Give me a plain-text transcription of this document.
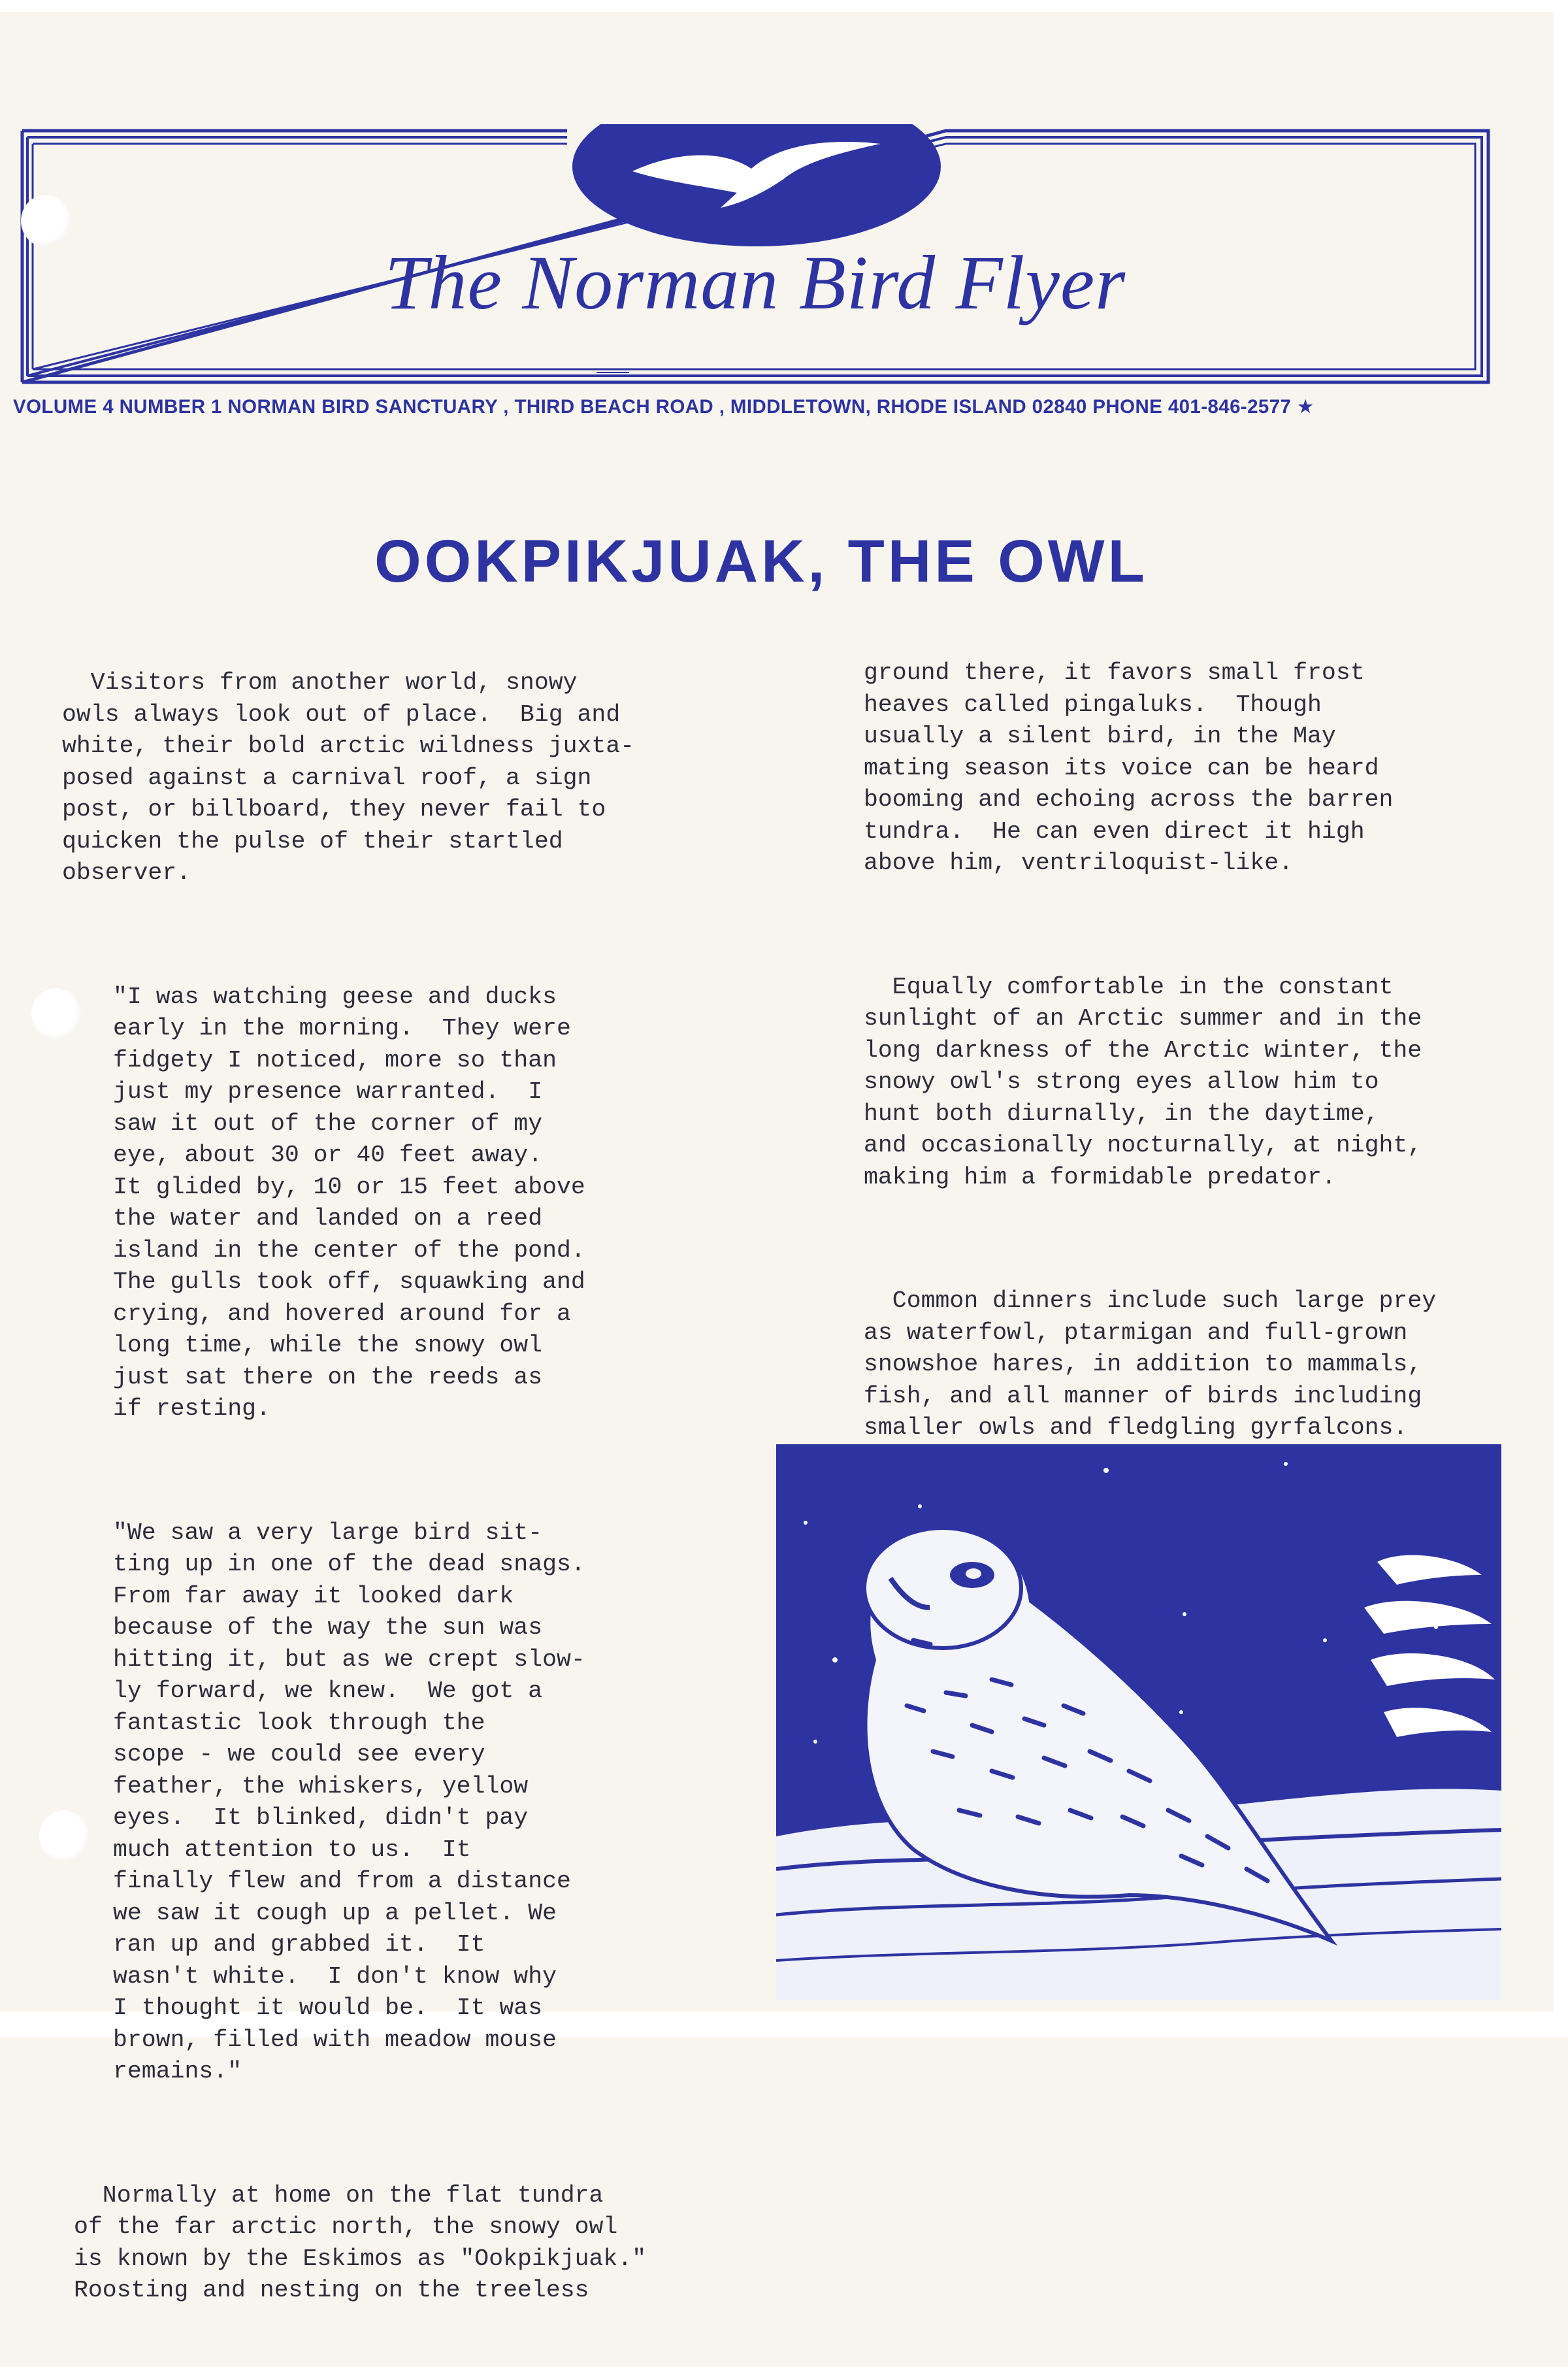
The Norman Bird Flyer
VOLUME 4 NUMBER 1 NORMAN BIRD SANCTUARY , THIRD BEACH ROAD , MIDDLETOWN, RHODE ISLAND 02840 PHONE 401-846-2577 ★
OOKPIKJUAK, THE OWL

Visitors from another world, snowy
owls always look out of place.  Big and
white, their bold arctic wildness juxta-
posed against a carnival roof, a sign
post, or billboard, they never fail to
quicken the pulse of their startled
observer.

"I was watching geese and ducks
early in the morning.  They were
fidgety I noticed, more so than
just my presence warranted.  I
saw it out of the corner of my
eye, about 30 or 40 feet away.
It glided by, 10 or 15 feet above
the water and landed on a reed
island in the center of the pond.
The gulls took off, squawking and
crying, and hovered around for a
long time, while the snowy owl
just sat there on the reeds as
if resting.

"We saw a very large bird sit-
ting up in one of the dead snags.
From far away it looked dark
because of the way the sun was
hitting it, but as we crept slow-
ly forward, we knew.  We got a
fantastic look through the
scope - we could see every
feather, the whiskers, yellow
eyes.  It blinked, didn't pay
much attention to us.  It
finally flew and from a distance
we saw it cough up a pellet. We
ran up and grabbed it.  It
wasn't white.  I don't know why
I thought it would be.  It was
brown, filled with meadow mouse
remains."

Normally at home on the flat tundra
of the far arctic north, the snowy owl
is known by the Eskimos as "Ookpikjuak."
Roosting and nesting on the treeless

ground there, it favors small frost
heaves called pingaluks.  Though
usually a silent bird, in the May
mating season its voice can be heard
booming and echoing across the barren
tundra.  He can even direct it high
above him, ventriloquist-like.

Equally comfortable in the constant
sunlight of an Arctic summer and in the
long darkness of the Arctic winter, the
snowy owl's strong eyes allow him to
hunt both diurnally, in the daytime,
and occasionally nocturnally, at night,
making him a formidable predator.

Common dinners include such large prey
as waterfowl, ptarmigan and full-grown
snowshoe hares, in addition to mammals,
fish, and all manner of birds including
smaller owls and fledgling gyrfalcons.
